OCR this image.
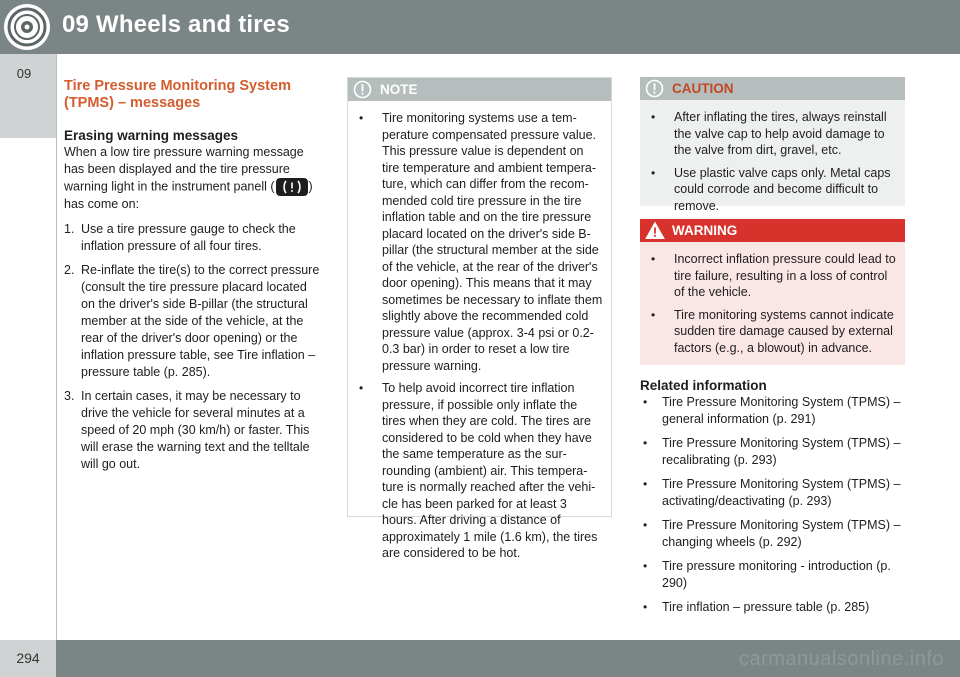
09 Wheels and tires
09
Tire Pressure Monitoring System
(TPMS) – messages
Erasing warning messages

When a low tire pressure warning message has been displayed and the tire pressure warning light in the instrument panell (	) has come on:

1. Use a tire pressure gauge to check the inflation pressure of all four tires.
2. Re-inflate the tire(s) to the correct pressure (consult the tire pressure placard located on the driver's side B-pillar (the structural member at the side of the vehicle, at the rear of the driver's door opening) or the inflation pressure table, see Tire inflation – pressure table (p. 285).
3. In certain cases, it may be necessary to drive the vehicle for several minutes at a speed of 20 mph (30 km/h) or faster. This will erase the warning text and the telltale will go out.
NOTE
• Tire monitoring systems use a temperature compensated pressure value. This pressure value is dependent on tire temperature and ambient temperature, which can differ from the recommended cold tire pressure in the tire inflation table and on the tire pressure placard located on the driver's side B-pillar (the structural member at the side of the vehicle, at the rear of the driver's door opening). This means that it may sometimes be necessary to inflate them slightly above the recommended cold pressure value (approx. 3-4 psi or 0.2-0.3 bar) in order to reset a low tire pressure warning.
• To help avoid incorrect tire inflation pressure, if possible only inflate the tires when they are cold. The tires are considered to be cold when they have the same temperature as the surrounding (ambient) air. This temperature is normally reached after the vehicle has been parked for at least 3 hours. After driving a distance of approximately 1 mile (1.6 km), the tires are considered to be hot.
CAUTION
• After inflating the tires, always reinstall the valve cap to help avoid damage to the valve from dirt, gravel, etc.
• Use plastic valve caps only. Metal caps could corrode and become difficult to remove.
WARNING
• Incorrect inflation pressure could lead to tire failure, resulting in a loss of control of the vehicle.
• Tire monitoring systems cannot indicate sudden tire damage caused by external factors (e.g., a blowout) in advance.
Related information
• Tire Pressure Monitoring System (TPMS) – general information (p. 291)
• Tire Pressure Monitoring System (TPMS) – recalibrating (p. 293)
• Tire Pressure Monitoring System (TPMS) – activating/deactivating (p. 293)
• Tire Pressure Monitoring System (TPMS) – changing wheels (p. 292)
• Tire pressure monitoring - introduction (p. 290)
• Tire inflation – pressure table (p. 285)
294	carmanualsonline.info
